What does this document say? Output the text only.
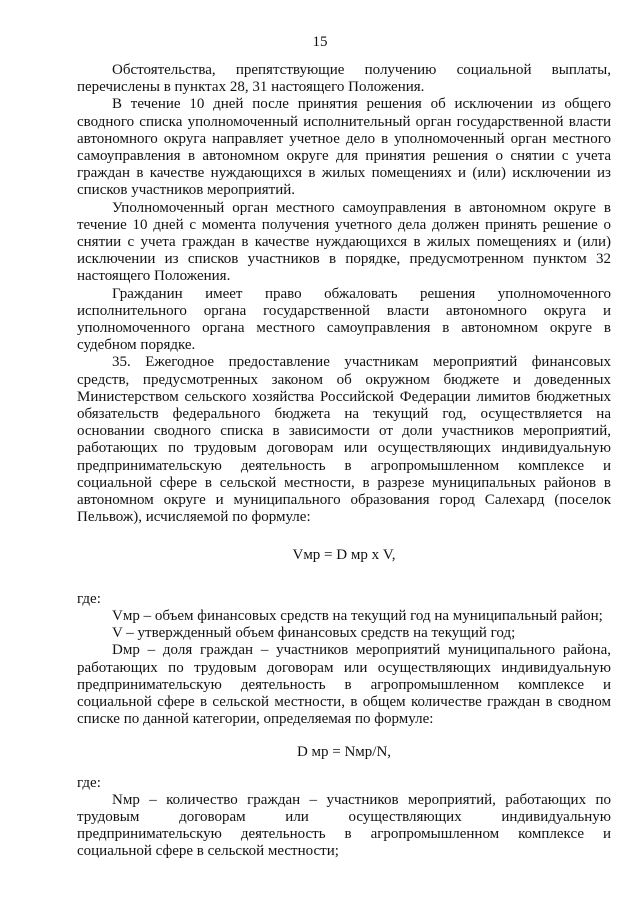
15

Обстоятельства, препятствующие получению социальной выплаты, перечислены в пунктах 28, 31 настоящего Положения.

В течение 10 дней после принятия решения об исключении из общего сводного списка уполномоченный исполнительный орган государственной власти автономного округа направляет учетное дело в уполномоченный орган местного самоуправления в автономном округе для принятия решения о снятии с учета граждан в качестве нуждающихся в жилых помещениях и (или) исключении из списков участников мероприятий.

Уполномоченный орган местного самоуправления в автономном округе в течение 10 дней с момента получения учетного дела должен принять решение о снятии с учета граждан в качестве нуждающихся в жилых помещениях и (или) исключении из списков участников в порядке, предусмотренном пунктом 32 настоящего Положения.

Гражданин имеет право обжаловать решения уполномоченного исполнительного органа государственной власти автономного округа и уполномоченного органа местного самоуправления в автономном округе в судебном порядке.

35. Ежегодное предоставление участникам мероприятий финансовых средств, предусмотренных законом об окружном бюджете и доведенных Министерством сельского хозяйства Российской Федерации лимитов бюджетных обязательств федерального бюджета на текущий год, осуществляется на основании сводного списка в зависимости от доли участников мероприятий, работающих по трудовым договорам или осуществляющих индивидуальную предпринимательскую деятельность в агропромышленном комплексе и социальной сфере в сельской местности, в разрезе муниципальных районов в автономном округе и муниципального образования город Салехард (поселок Пельвож), исчисляемой по формуле:

Vмр = D мр х V,

где:

Vмр – объем финансовых средств на текущий год на муниципальный район;

V – утвержденный объем финансовых средств на текущий год;

Dмр – доля граждан – участников мероприятий муниципального района, работающих по трудовым договорам или осуществляющих индивидуальную предпринимательскую деятельность в агропромышленном комплексе и социальной сфере в сельской местности, в общем количестве граждан в сводном списке по данной категории, определяемая по формуле:

D мр = Nмр/N,

где:

Nмр – количество граждан – участников мероприятий, работающих по трудовым договорам или осуществляющих индивидуальную предпринимательскую деятельность в агропромышленном комплексе и социальной сфере в сельской местности;
